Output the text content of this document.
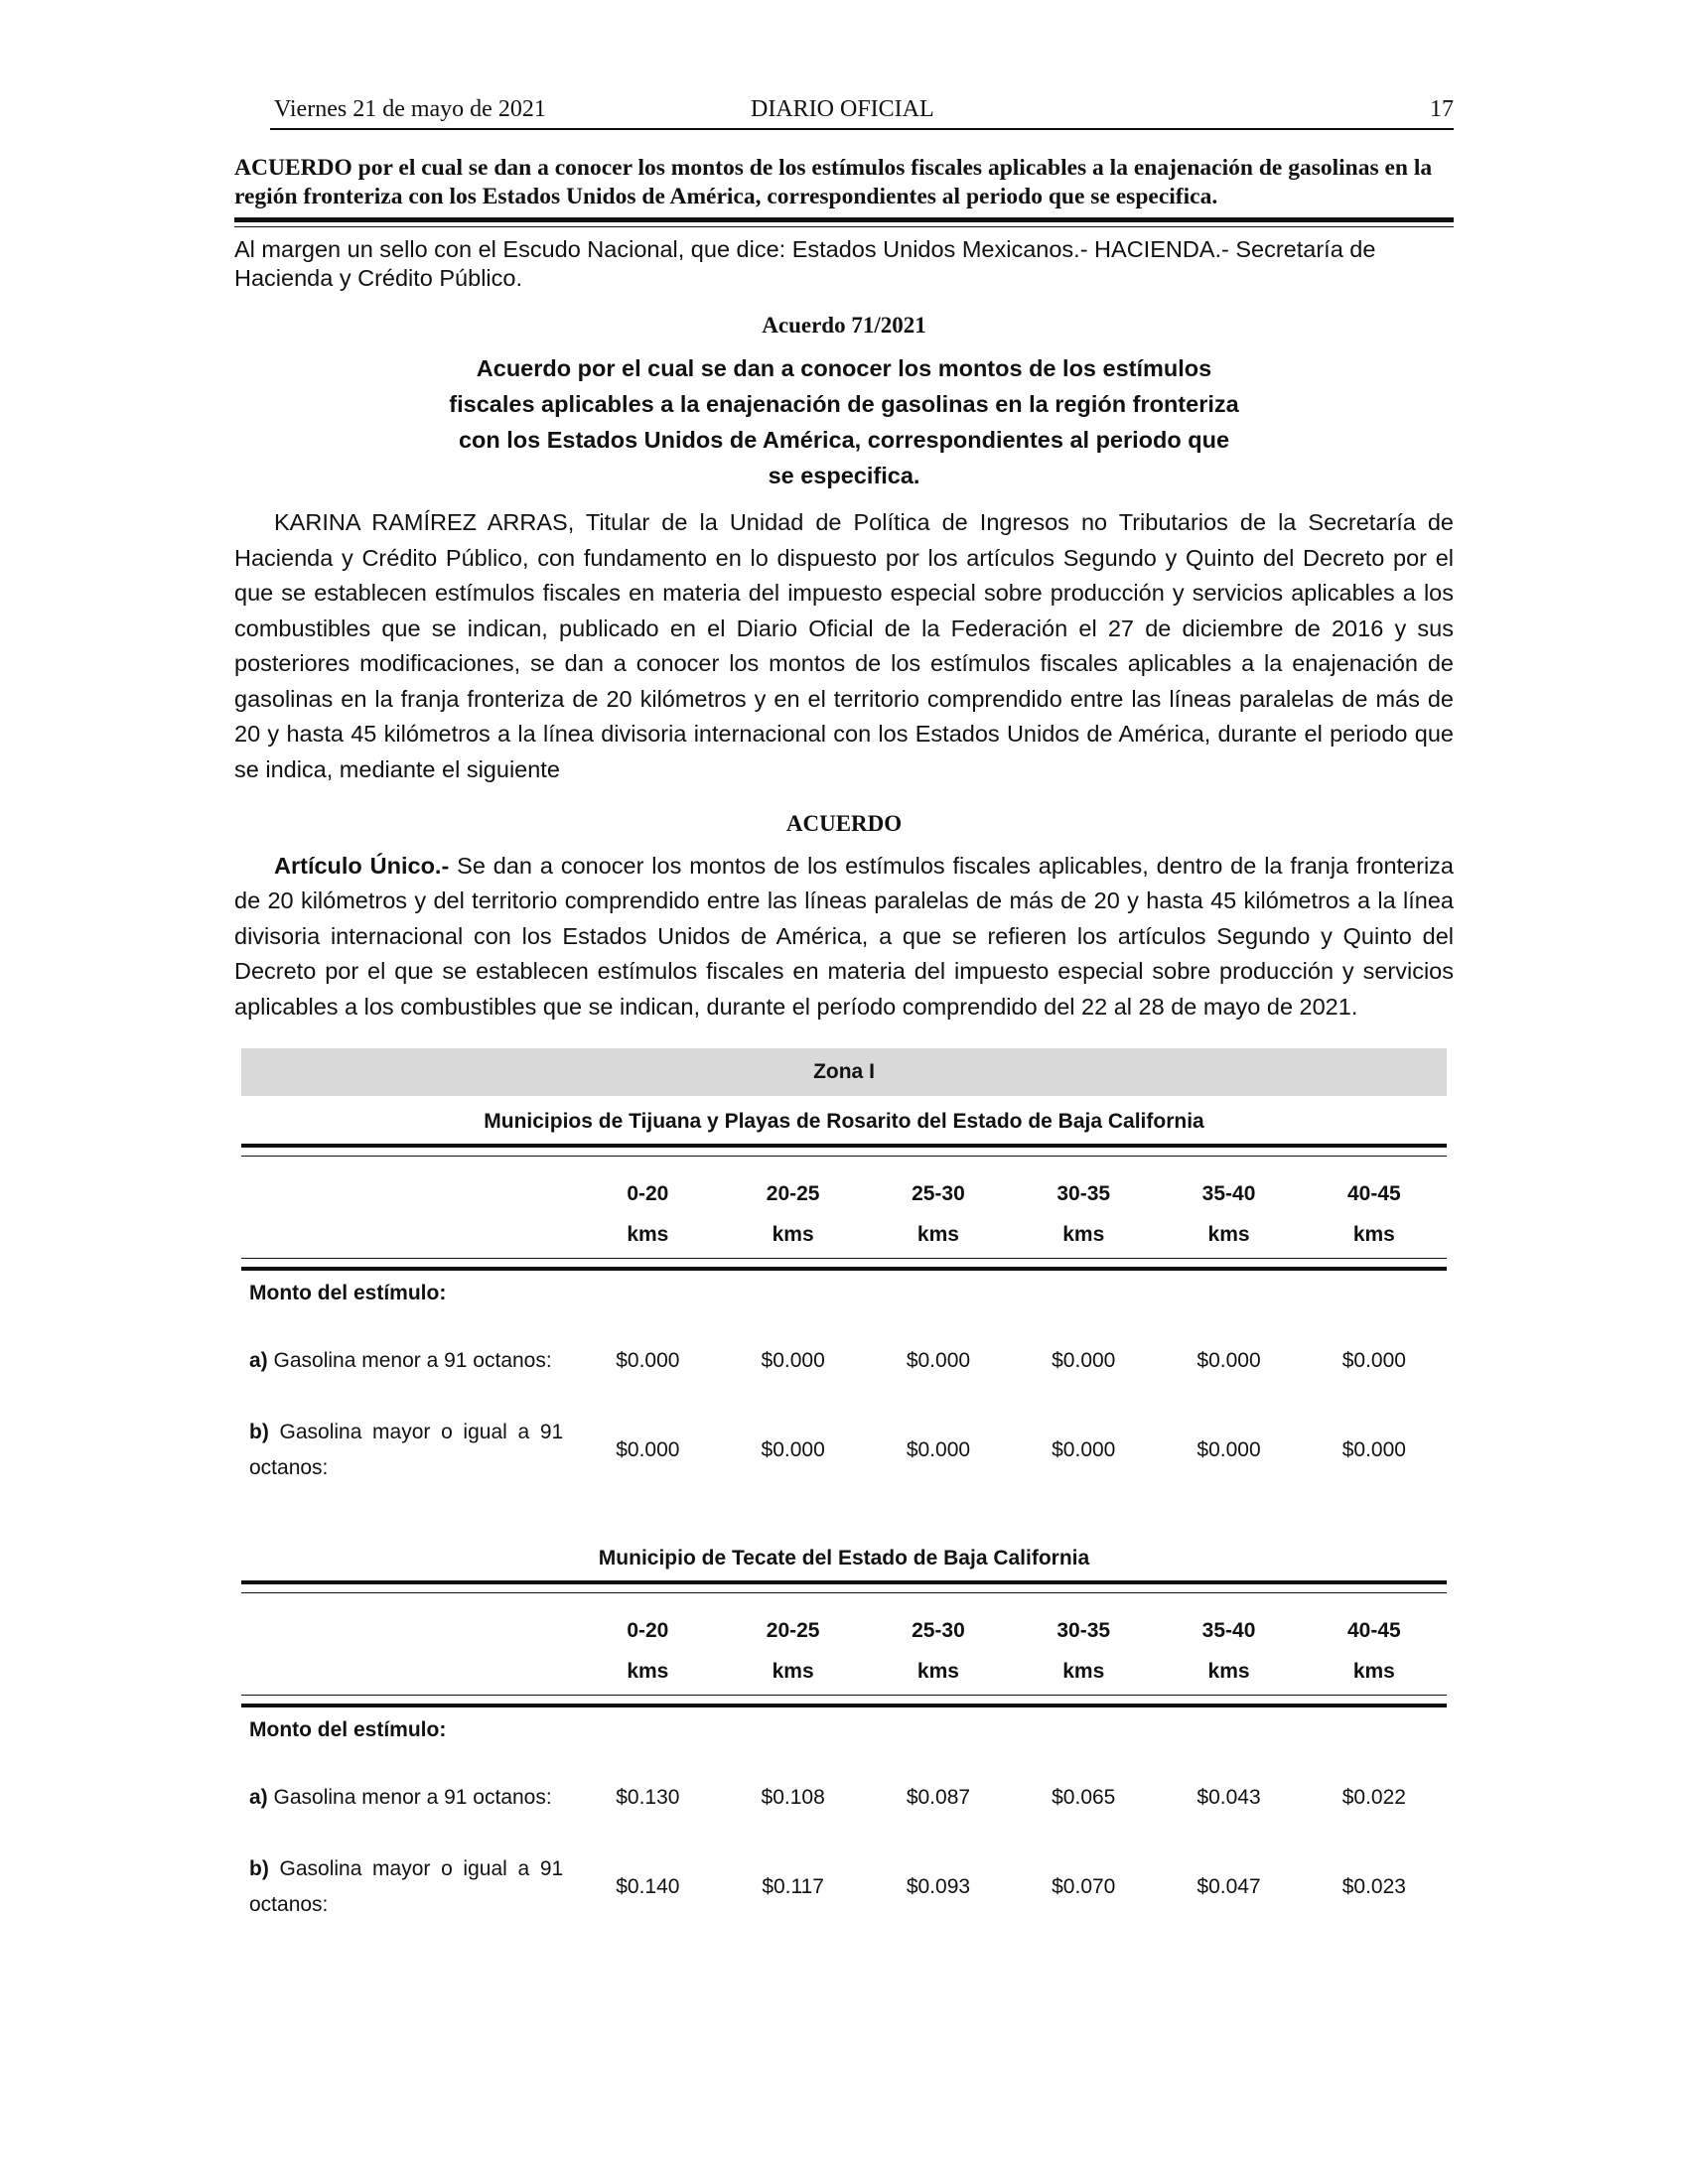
Viernes 21 de mayo de 2021	DIARIO OFICIAL	17
ACUERDO por el cual se dan a conocer los montos de los estímulos fiscales aplicables a la enajenación de gasolinas en la región fronteriza con los Estados Unidos de América, correspondientes al periodo que se especifica.
Al margen un sello con el Escudo Nacional, que dice: Estados Unidos Mexicanos.- HACIENDA.- Secretaría de Hacienda y Crédito Público.
Acuerdo 71/2021
Acuerdo por el cual se dan a conocer los montos de los estímulos fiscales aplicables a la enajenación de gasolinas en la región fronteriza con los Estados Unidos de América, correspondientes al periodo que se especifica.

KARINA RAMÍREZ ARRAS, Titular de la Unidad de Política de Ingresos no Tributarios de la Secretaría de Hacienda y Crédito Público, con fundamento en lo dispuesto por los artículos Segundo y Quinto del Decreto por el que se establecen estímulos fiscales en materia del impuesto especial sobre producción y servicios aplicables a los combustibles que se indican, publicado en el Diario Oficial de la Federación el 27 de diciembre de 2016 y sus posteriores modificaciones, se dan a conocer los montos de los estímulos fiscales aplicables a la enajenación de gasolinas en la franja fronteriza de 20 kilómetros y en el territorio comprendido entre las líneas paralelas de más de 20 y hasta 45 kilómetros a la línea divisoria internacional con los Estados Unidos de América, durante el periodo que se indica, mediante el siguiente

ACUERDO

Artículo Único.- Se dan a conocer los montos de los estímulos fiscales aplicables, dentro de la franja fronteriza de 20 kilómetros y del territorio comprendido entre las líneas paralelas de más de 20 y hasta 45 kilómetros a la línea divisoria internacional con los Estados Unidos de América, a que se refieren los artículos Segundo y Quinto del Decreto por el que se establecen estímulos fiscales en materia del impuesto especial sobre producción y servicios aplicables a los combustibles que se indican, durante el período comprendido del 22 al 28 de mayo de 2021.

Zona I
Municipios de Tijuana y Playas de Rosarito del Estado de Baja California

	0-20	20-25	25-30	30-35	35-40	40-45
	kms	kms	kms	kms	kms	kms

Monto del estímulo:						
a) Gasolina menor a 91 octanos:	$0.000	$0.000	$0.000	$0.000	$0.000	$0.000
b) Gasolina mayor o igual a 91 octanos:	$0.000	$0.000	$0.000	$0.000	$0.000	$0.000
Municipio de Tecate del Estado de Baja California

	0-20	20-25	25-30	30-35	35-40	40-45
	kms	kms	kms	kms	kms	kms

Monto del estímulo:						
a) Gasolina menor a 91 octanos:	$0.130	$0.108	$0.087	$0.065	$0.043	$0.022
b) Gasolina mayor o igual a 91 octanos:	$0.140	$0.117	$0.093	$0.070	$0.047	$0.023
